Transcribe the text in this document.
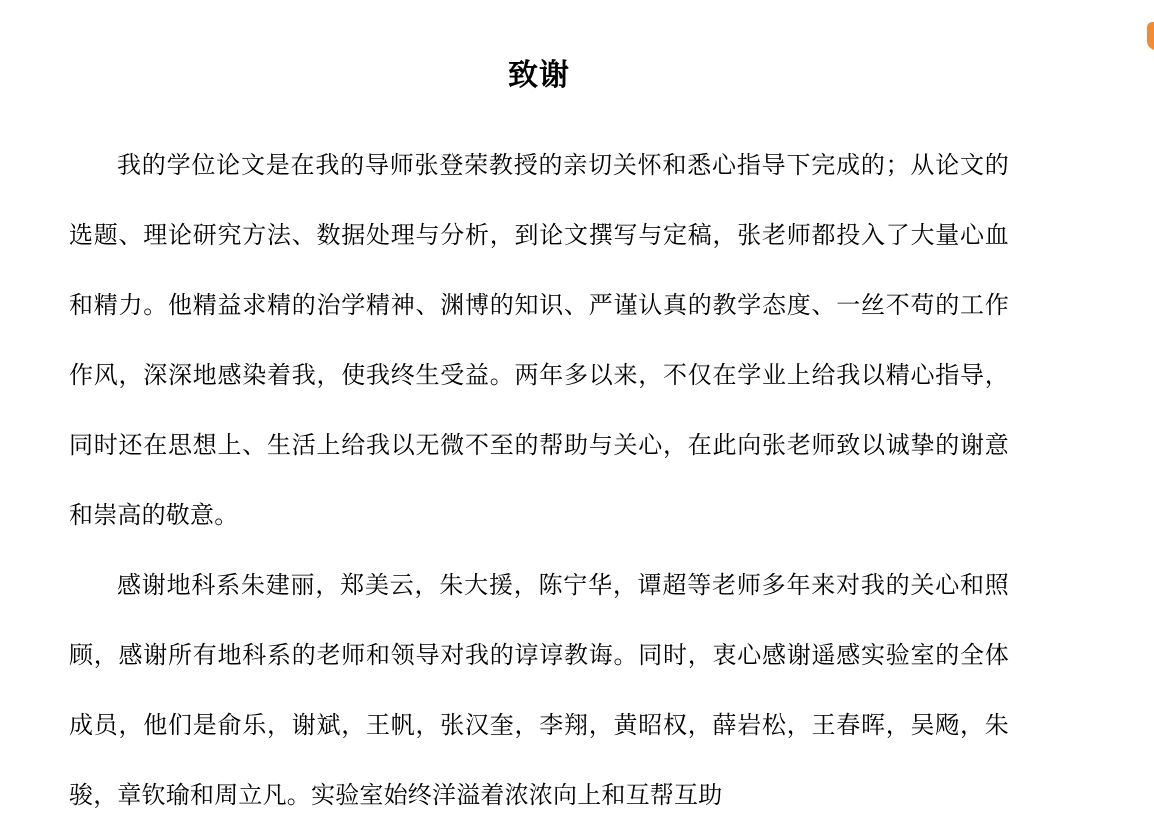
致谢

我的学位论文是在我的导师张登荣教授的亲切关怀和悉心指导下完成的；从论文的选题、理论研究方法、数据处理与分析，到论文撰写与定稿，张老师都投入了大量心血和精力。他精益求精的治学精神、渊博的知识、严谨认真的教学态度、一丝不苟的工作作风，深深地感染着我，使我终生受益。两年多以来，不仅在学业上给我以精心指导，同时还在思想上、生活上给我以无微不至的帮助与关心，在此向张老师致以诚挚的谢意和崇高的敬意。

感谢地科系朱建丽，郑美云，朱大援，陈宁华，谭超等老师多年来对我的关心和照顾，感谢所有地科系的老师和领导对我的谆谆教诲。同时，衷心感谢遥感实验室的全体成员，他们是俞乐，谢斌，王帆，张汉奎，李翔，黄昭权，薛岩松，王春晖，吴飏，朱骏，章钦瑜和周立凡。实验室始终洋溢着浓浓向上和互帮互助
